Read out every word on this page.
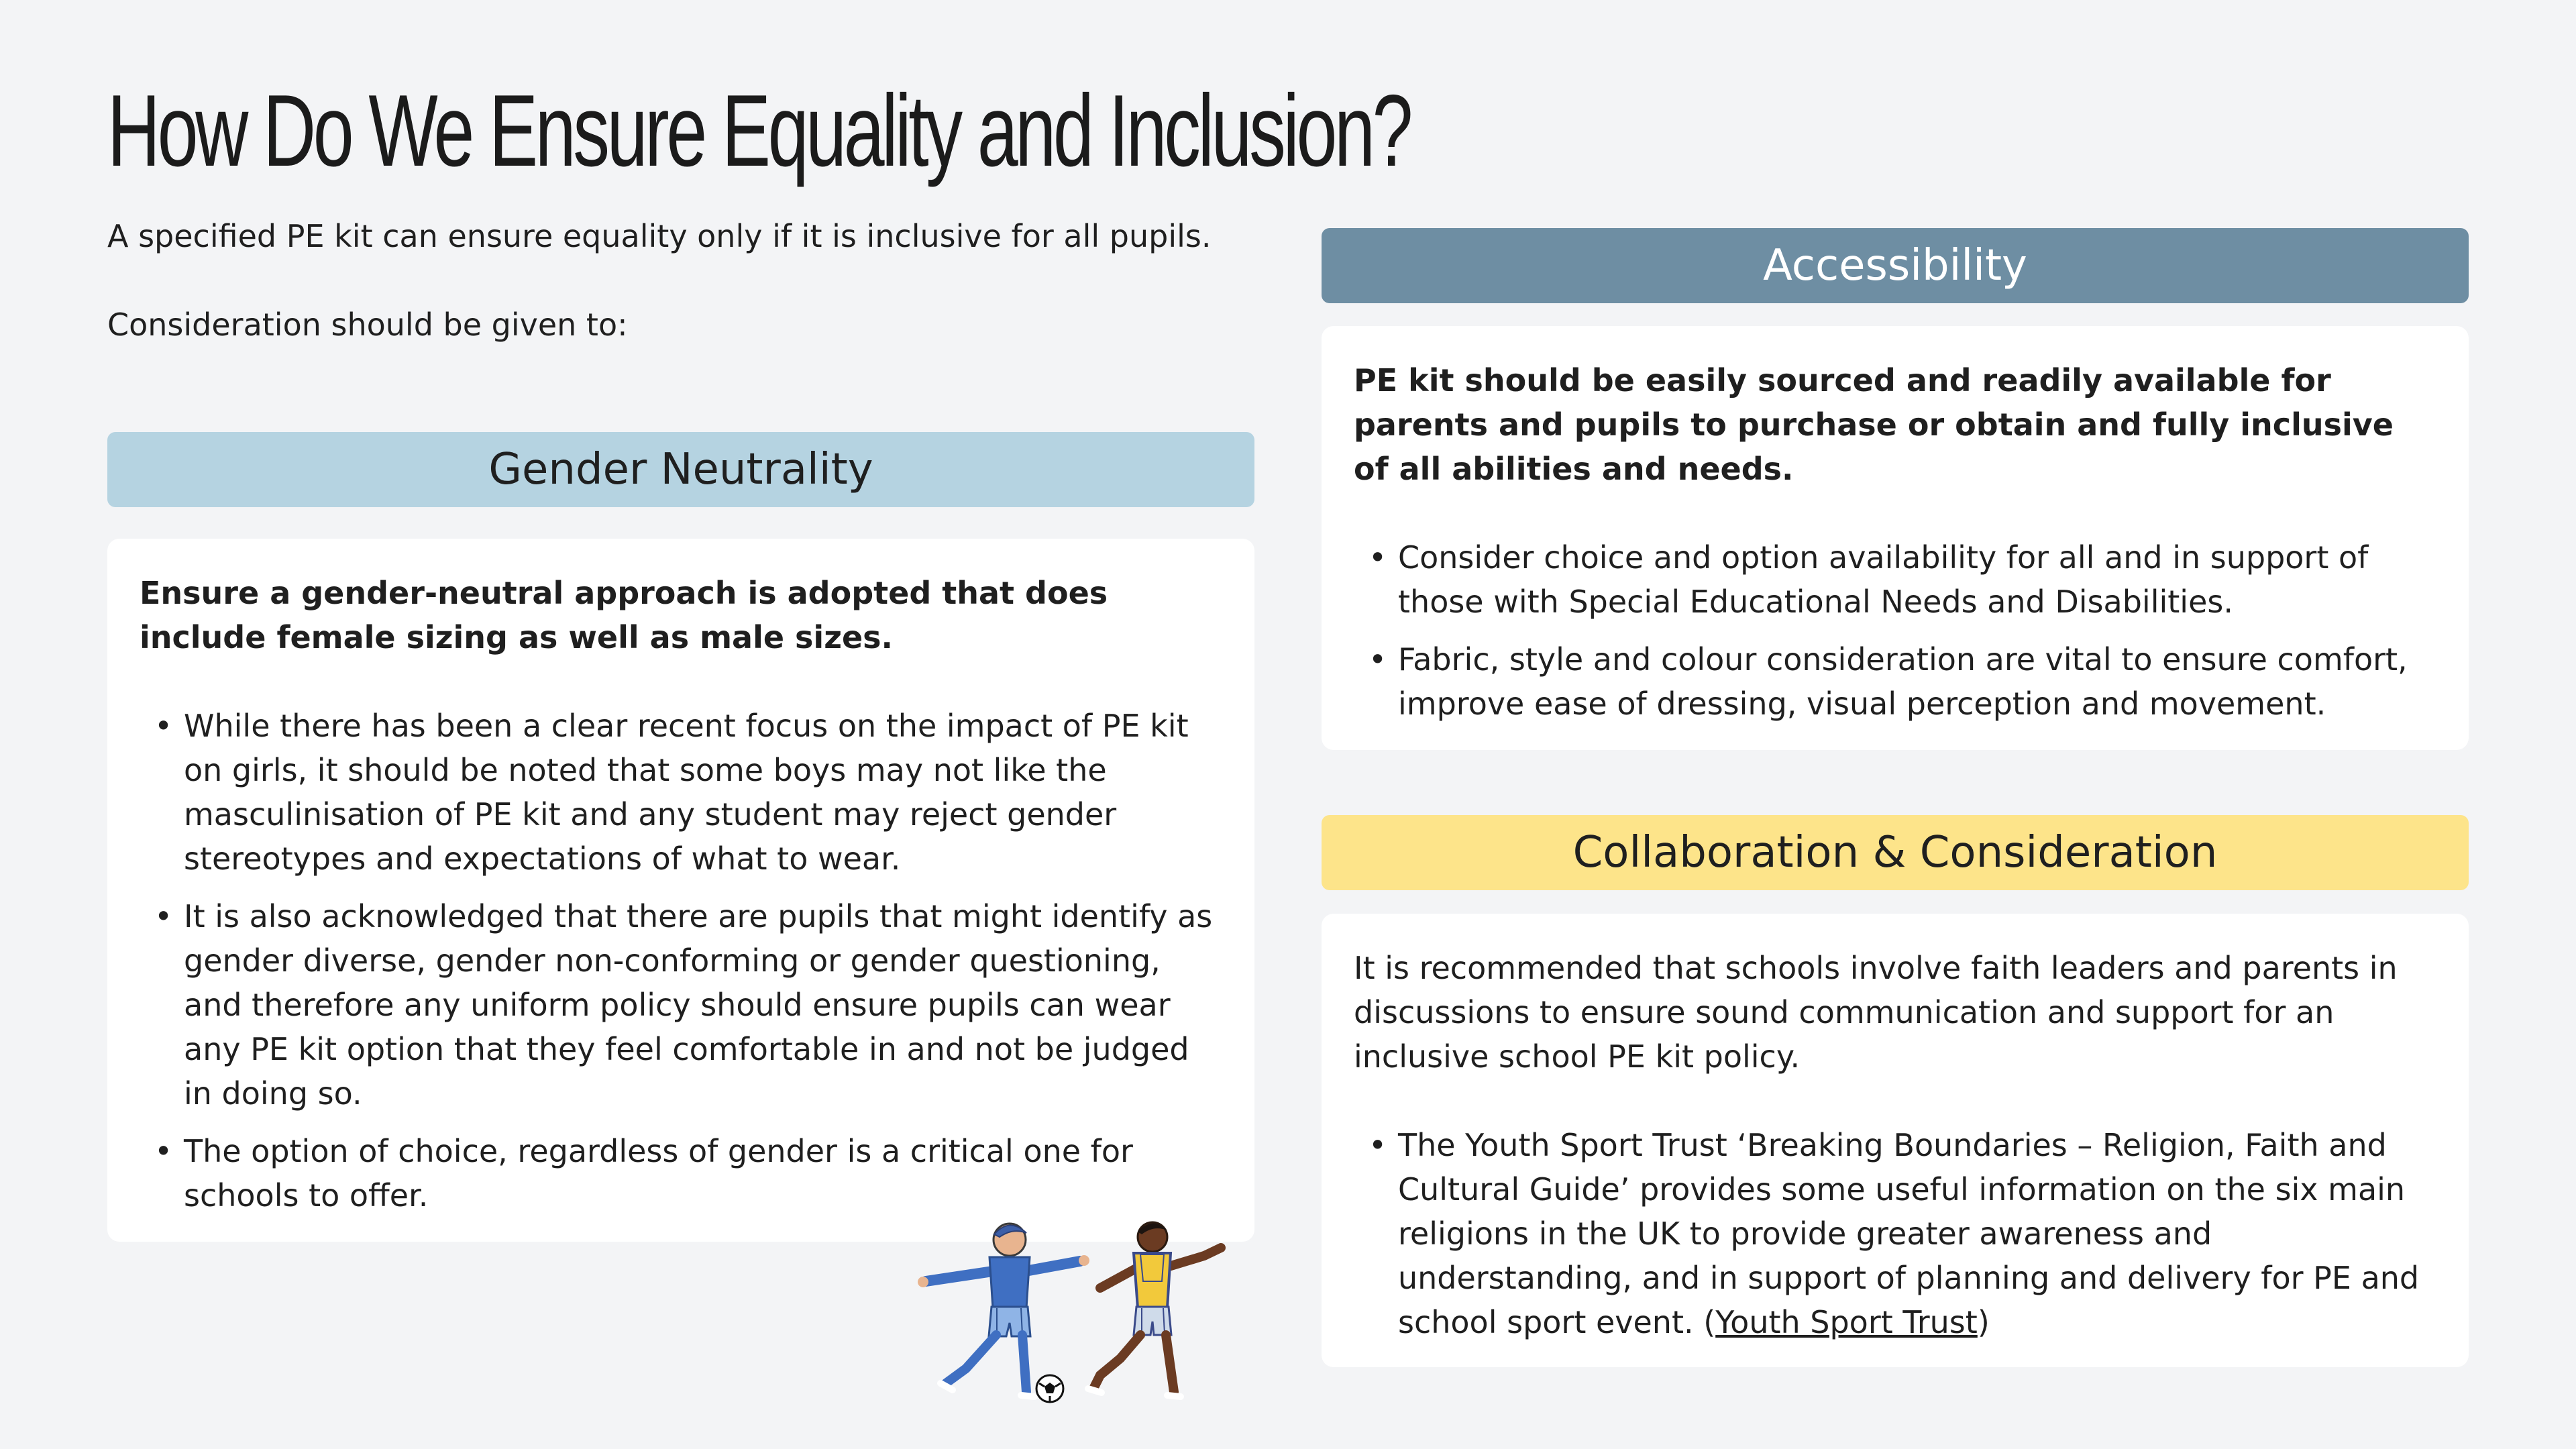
How Do We Ensure Equality and Inclusion?

A specified PE kit can ensure equality only if it is inclusive for all pupils.

Consideration should be given to:

Gender Neutrality

Ensure a gender-neutral approach is adopted that does include female sizing as well as male sizes.

• While there has been a clear recent focus on the impact of PE kit on girls, it should be noted that some boys may not like the masculinisation of PE kit and any student may reject gender stereotypes and expectations of what to wear.
• It is also acknowledged that there are pupils that might identify as gender diverse, gender non-conforming or gender questioning, and therefore any uniform policy should ensure pupils can wear any PE kit option that they feel comfortable in and not be judged in doing so.
• The option of choice, regardless of gender is a critical one for schools to offer.
Accessibility

PE kit should be easily sourced and readily available for parents and pupils to purchase or obtain and fully inclusive of all abilities and needs.

• Consider choice and option availability for all and in support of those with Special Educational Needs and Disabilities.
• Fabric, style and colour consideration are vital to ensure comfort, improve ease of dressing, visual perception and movement.
Collaboration & Consideration

It is recommended that schools involve faith leaders and parents in discussions to ensure sound communication and support for an inclusive school PE kit policy.

• The Youth Sport Trust ‘Breaking Boundaries – Religion, Faith and Cultural Guide’ provides some useful information on the six main religions in the UK to provide greater awareness and understanding, and in support of planning and delivery for PE and school sport event. (Youth Sport Trust)
